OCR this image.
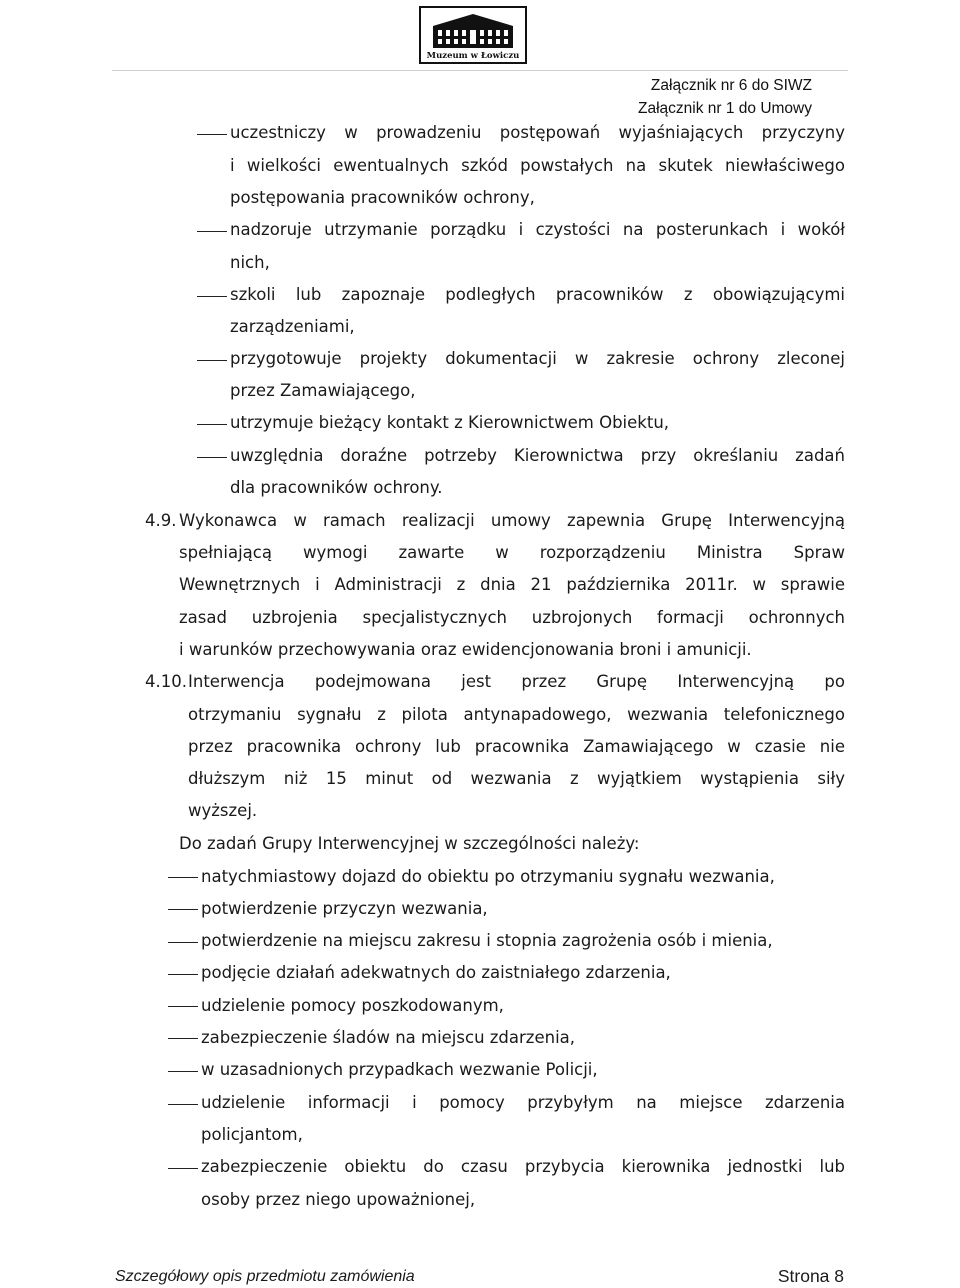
Muzeum w Łowiczu
Załącznik nr 6 do SIWZ
Załącznik nr 1 do Umowy
uczestniczy w prowadzeniu postępowań wyjaśniających przyczyny
i wielkości ewentualnych szkód powstałych na skutek niewłaściwego
postępowania pracowników ochrony,
nadzoruje utrzymanie porządku i czystości na posterunkach i wokół
nich,
szkoli lub zapoznaje podległych pracowników z obowiązującymi
zarządzeniami,
przygotowuje projekty dokumentacji w zakresie ochrony zleconej
przez Zamawiającego,
utrzymuje bieżący kontakt z Kierownictwem Obiektu,
uwzględnia doraźne potrzeby Kierownictwa przy określaniu zadań
dla pracowników ochrony.
4.9. Wykonawca w ramach realizacji umowy zapewnia Grupę Interwencyjną
spełniającą wymogi zawarte w rozporządzeniu Ministra Spraw
Wewnętrznych i Administracji z dnia 21 października 2011r. w sprawie
zasad uzbrojenia specjalistycznych uzbrojonych formacji ochronnych
i warunków przechowywania oraz ewidencjonowania broni i amunicji.
4.10. Interwencja podejmowana jest przez Grupę Interwencyjną po
otrzymaniu sygnału z pilota antynapadowego, wezwania telefonicznego
przez pracownika ochrony lub pracownika Zamawiającego w czasie nie
dłuższym niż 15 minut od wezwania z wyjątkiem wystąpienia siły
wyższej.
Do zadań Grupy Interwencyjnej w szczególności należy:
natychmiastowy dojazd do obiektu po otrzymaniu sygnału wezwania,
potwierdzenie przyczyn wezwania,
potwierdzenie na miejscu zakresu i stopnia zagrożenia osób i mienia,
podjęcie działań adekwatnych do zaistniałego zdarzenia,
udzielenie pomocy poszkodowanym,
zabezpieczenie śladów na miejscu zdarzenia,
w uzasadnionych przypadkach wezwanie Policji,
udzielenie informacji i pomocy przybyłym na miejsce zdarzenia
policjantom,
zabezpieczenie obiektu do czasu przybycia kierownika jednostki lub
osoby przez niego upoważnionej,
Szczegółowy opis przedmiotu zamówienia	Strona 8
